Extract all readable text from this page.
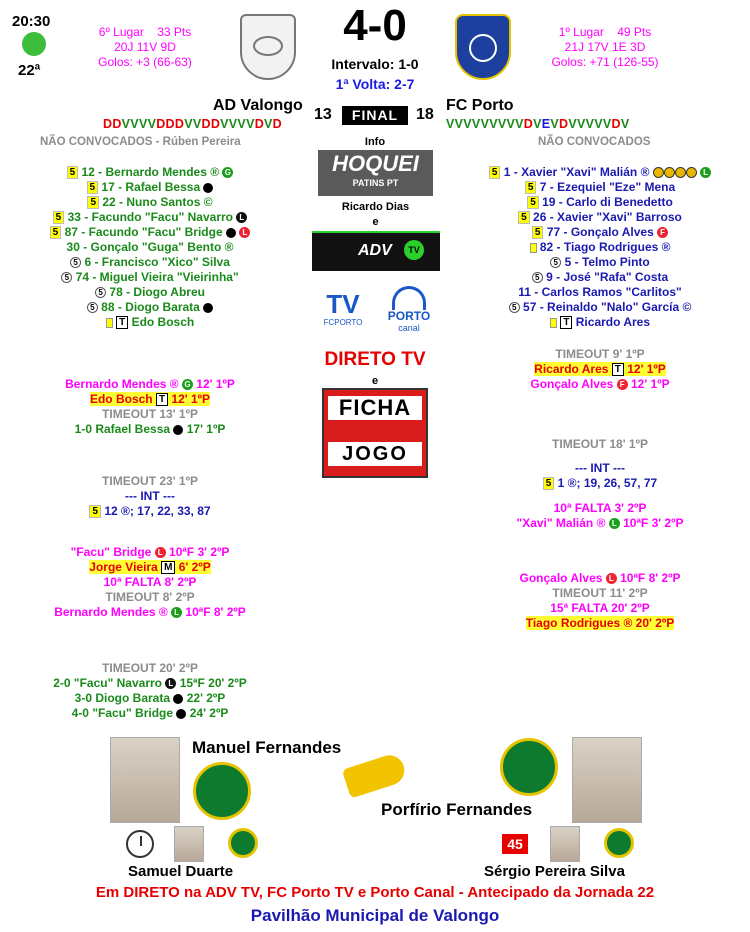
20:30
22ª
6º Lugar 33 Pts
20J 11V 9D
Golos: +3 (66-63)
4-0
Intervalo: 1-0
1ª Volta: 2-7
1º Lugar 49 Pts
21J 17V 1E 3D
Golos: +71 (126-55)
AD Valongo
13	FINAL	18
FC Porto
DDVVVVDDDVVDDVVVVDVD	VVVVVVVVVDVEVDVVVVVDV
NÃO CONVOCADOS - Rúben Pereira	NÃO CONVOCADOS
5 12 - Bernardo Mendes ® G
5 17 - Rafael Bessa
5 22 - Nuno Santos ©
5 33 - Facundo "Facu" Navarro L
5 87 - Facundo "Facu" Bridge L
30 - Gonçalo "Guga" Bento ®
5 6 - Francisco "Xico" Silva
5 74 - Miguel Vieira "Vieirinha"
5 78 - Diogo Abreu
5 88 - Diogo Barata
T Edo Bosch
5 1 - Xavier "Xavi" Malián ®	L
5 7 - Ezequiel "Eze" Mena
5 19 - Carlo di Benedetto
5 26 - Xavier "Xavi" Barroso
5 77 - Gonçalo Alves F
82 - Tiago Rodrigues ®
5 5 - Telmo Pinto
5 9 - José "Rafa" Costa
11 - Carlos Ramos "Carlitos"
5 57 - Reinaldo "Nalo" García ©
T Ricardo Ares
Info
HOQUEI
PATINS PT
Ricardo Dias
e
ADV	TV
TV
FCPORTO	PORTO
canal
DIRETO TV
e
FICHA
JOGO
Bernardo Mendes ® G 12' 1ºP
Edo Bosch T 12' 1ºP
TIMEOUT 13' 1ºP
1-0 Rafael Bessa 17' 1ºP
TIMEOUT 23' 1ºP
--- INT ---
5 12 ®; 17, 22, 33, 87
"Facu" Bridge L 10ªF 3' 2ºP
Jorge Vieira M 6' 2ºP
10ª FALTA 8' 2ºP
TIMEOUT 8' 2ºP
Bernardo Mendes ® L 10ªF 8' 2ºP
TIMEOUT 20' 2ºP
2-0 "Facu" Navarro L 15ªF 20' 2ºP
3-0 Diogo Barata 22' 2ºP
4-0 "Facu" Bridge 24' 2ºP
TIMEOUT 9' 1ºP
Ricardo Ares T 12' 1ºP
Gonçalo Alves F 12' 1ºP
TIMEOUT 18' 1ºP
--- INT ---
5 1 ®; 19, 26, 57, 77
10ª FALTA 3' 2ºP
"Xavi" Malián ® L 10ªF 3' 2ºP
Gonçalo Alves L 10ªF 8' 2ºP
TIMEOUT 11' 2ºP
15ª FALTA 20' 2ºP
Tiago Rodrigues ® 20' 2ºP
Manuel Fernandes
Porfírio Fernandes
Samuel Duarte
45
Sérgio Pereira Silva
Em DIRETO na ADV TV, FC Porto TV e Porto Canal - Antecipado da Jornada 22
Pavilhão Municipal de Valongo
